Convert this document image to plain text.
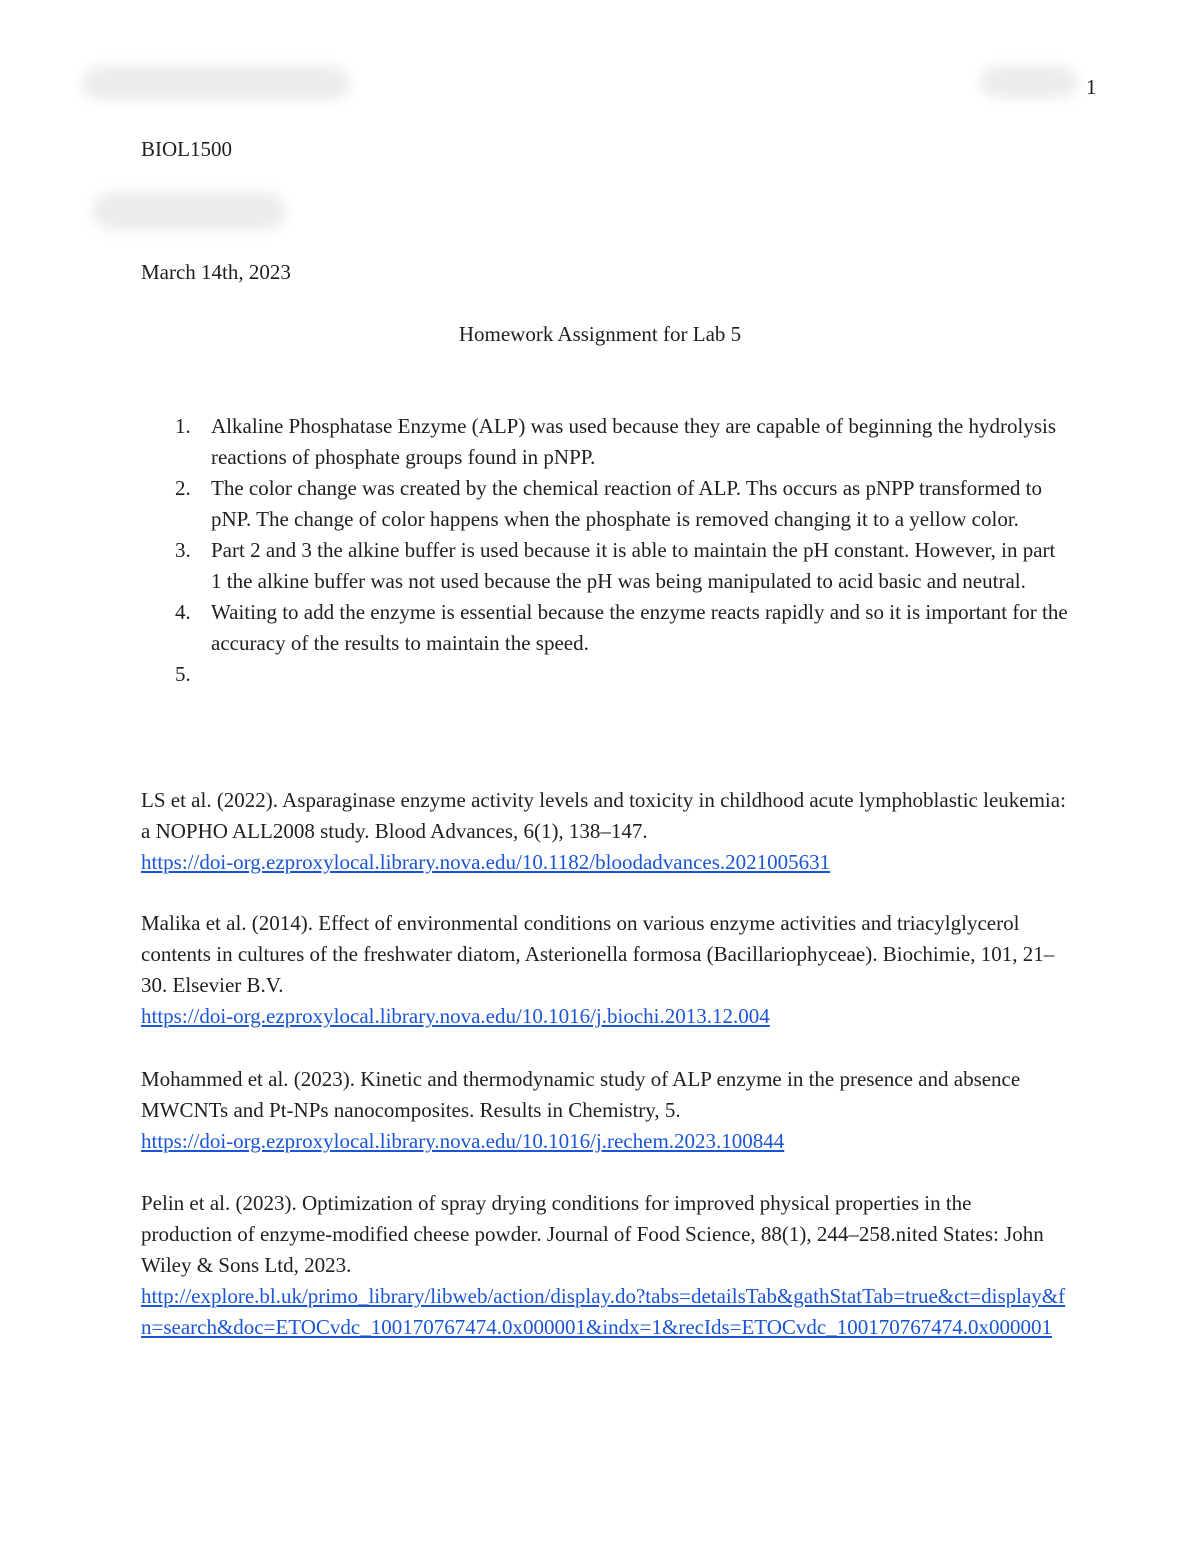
1
BIOL1500
March 14th, 2023
Homework Assignment for Lab 5
1. Alkaline Phosphatase Enzyme (ALP) was used because they are capable of beginning the hydrolysis reactions of phosphate groups found in pNPP.
2. The color change was created by the chemical reaction of ALP. Ths occurs as pNPP transformed to pNP. The change of color happens when the phosphate is removed changing it to a yellow color.
3. Part 2 and 3 the alkine buffer is used because it is able to maintain the pH constant. However, in part 1 the alkine buffer was not used because the pH was being manipulated to acid basic and neutral.
4. Waiting to add the enzyme is essential because the enzyme reacts rapidly and so it is important for the accuracy of the results to maintain the speed.
5.

LS et al. (2022). Asparaginase enzyme activity levels and toxicity in childhood acute lymphoblastic leukemia: a NOPHO ALL2008 study. Blood Advances, 6(1), 138–147.
https://doi-org.ezproxylocal.library.nova.edu/10.1182/bloodadvances.2021005631
Malika et al. (2014). Effect of environmental conditions on various enzyme activities and triacylglycerol contents in cultures of the freshwater diatom, Asterionella formosa (Bacillariophyceae). Biochimie, 101, 21–30. Elsevier B.V.
https://doi-org.ezproxylocal.library.nova.edu/10.1016/j.biochi.2013.12.004
Mohammed et al. (2023). Kinetic and thermodynamic study of ALP enzyme in the presence and absence MWCNTs and Pt-NPs nanocomposites. Results in Chemistry, 5.
https://doi-org.ezproxylocal.library.nova.edu/10.1016/j.rechem.2023.100844
Pelin et al. (2023). Optimization of spray drying conditions for improved physical properties in the production of enzyme-modified cheese powder. Journal of Food Science, 88(1), 244–258.nited States: John Wiley & Sons Ltd, 2023.
http://explore.bl.uk/primo_library/libweb/action/display.do?tabs=detailsTab&gathStatTab=true&ct=display&fn=search&doc=ETOCvdc_100170767474.0x000001&indx=1&recIds=ETOCvdc_100170767474.0x000001
